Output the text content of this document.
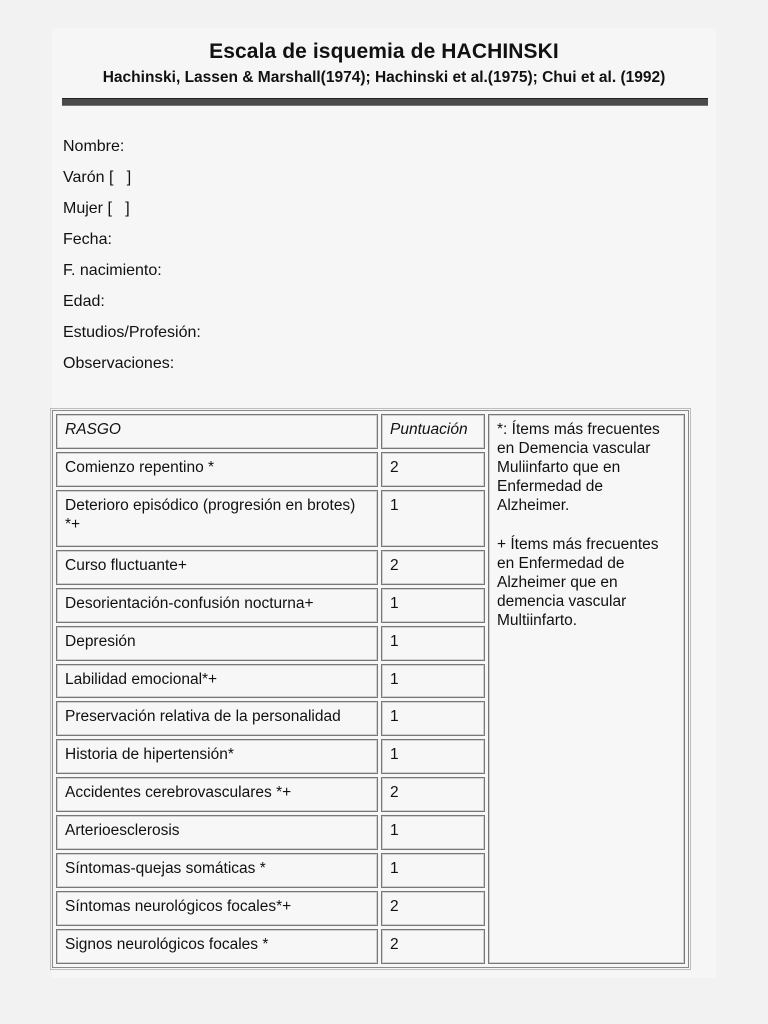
Escala de isquemia de HACHINSKI
Hachinski, Lassen & Marshall(1974); Hachinski et al.(1975); Chui et al. (1992)
Nombre:
Varón [   ]
Mujer [   ]
Fecha:
F. nacimiento:
Edad:
Estudios/Profesión:
Observaciones:
RASGO	Puntuación	*: Ítems más frecuentes en Demencia vascular Muliinfarto que en Enfermedad de Alzheimer.

+ Ítems más frecuentes en Enfermedad de Alzheimer que en demencia vascular Multiinfarto.

Comienzo repentino *	2	
Deterioro episódico (progresión en brotes) *+	1	
Curso fluctuante+	2	
Desorientación-confusión nocturna+	1	
Depresión	1	
Labilidad emocional*+	1	
Preservación relativa de la personalidad	1	
Historia de hipertensión*	1	
Accidentes cerebrovasculares *+	2	
Arterioesclerosis	1	
Síntomas-quejas somáticas *	1	
Síntomas neurológicos focales*+	2	
Signos neurológicos focales *	2	
